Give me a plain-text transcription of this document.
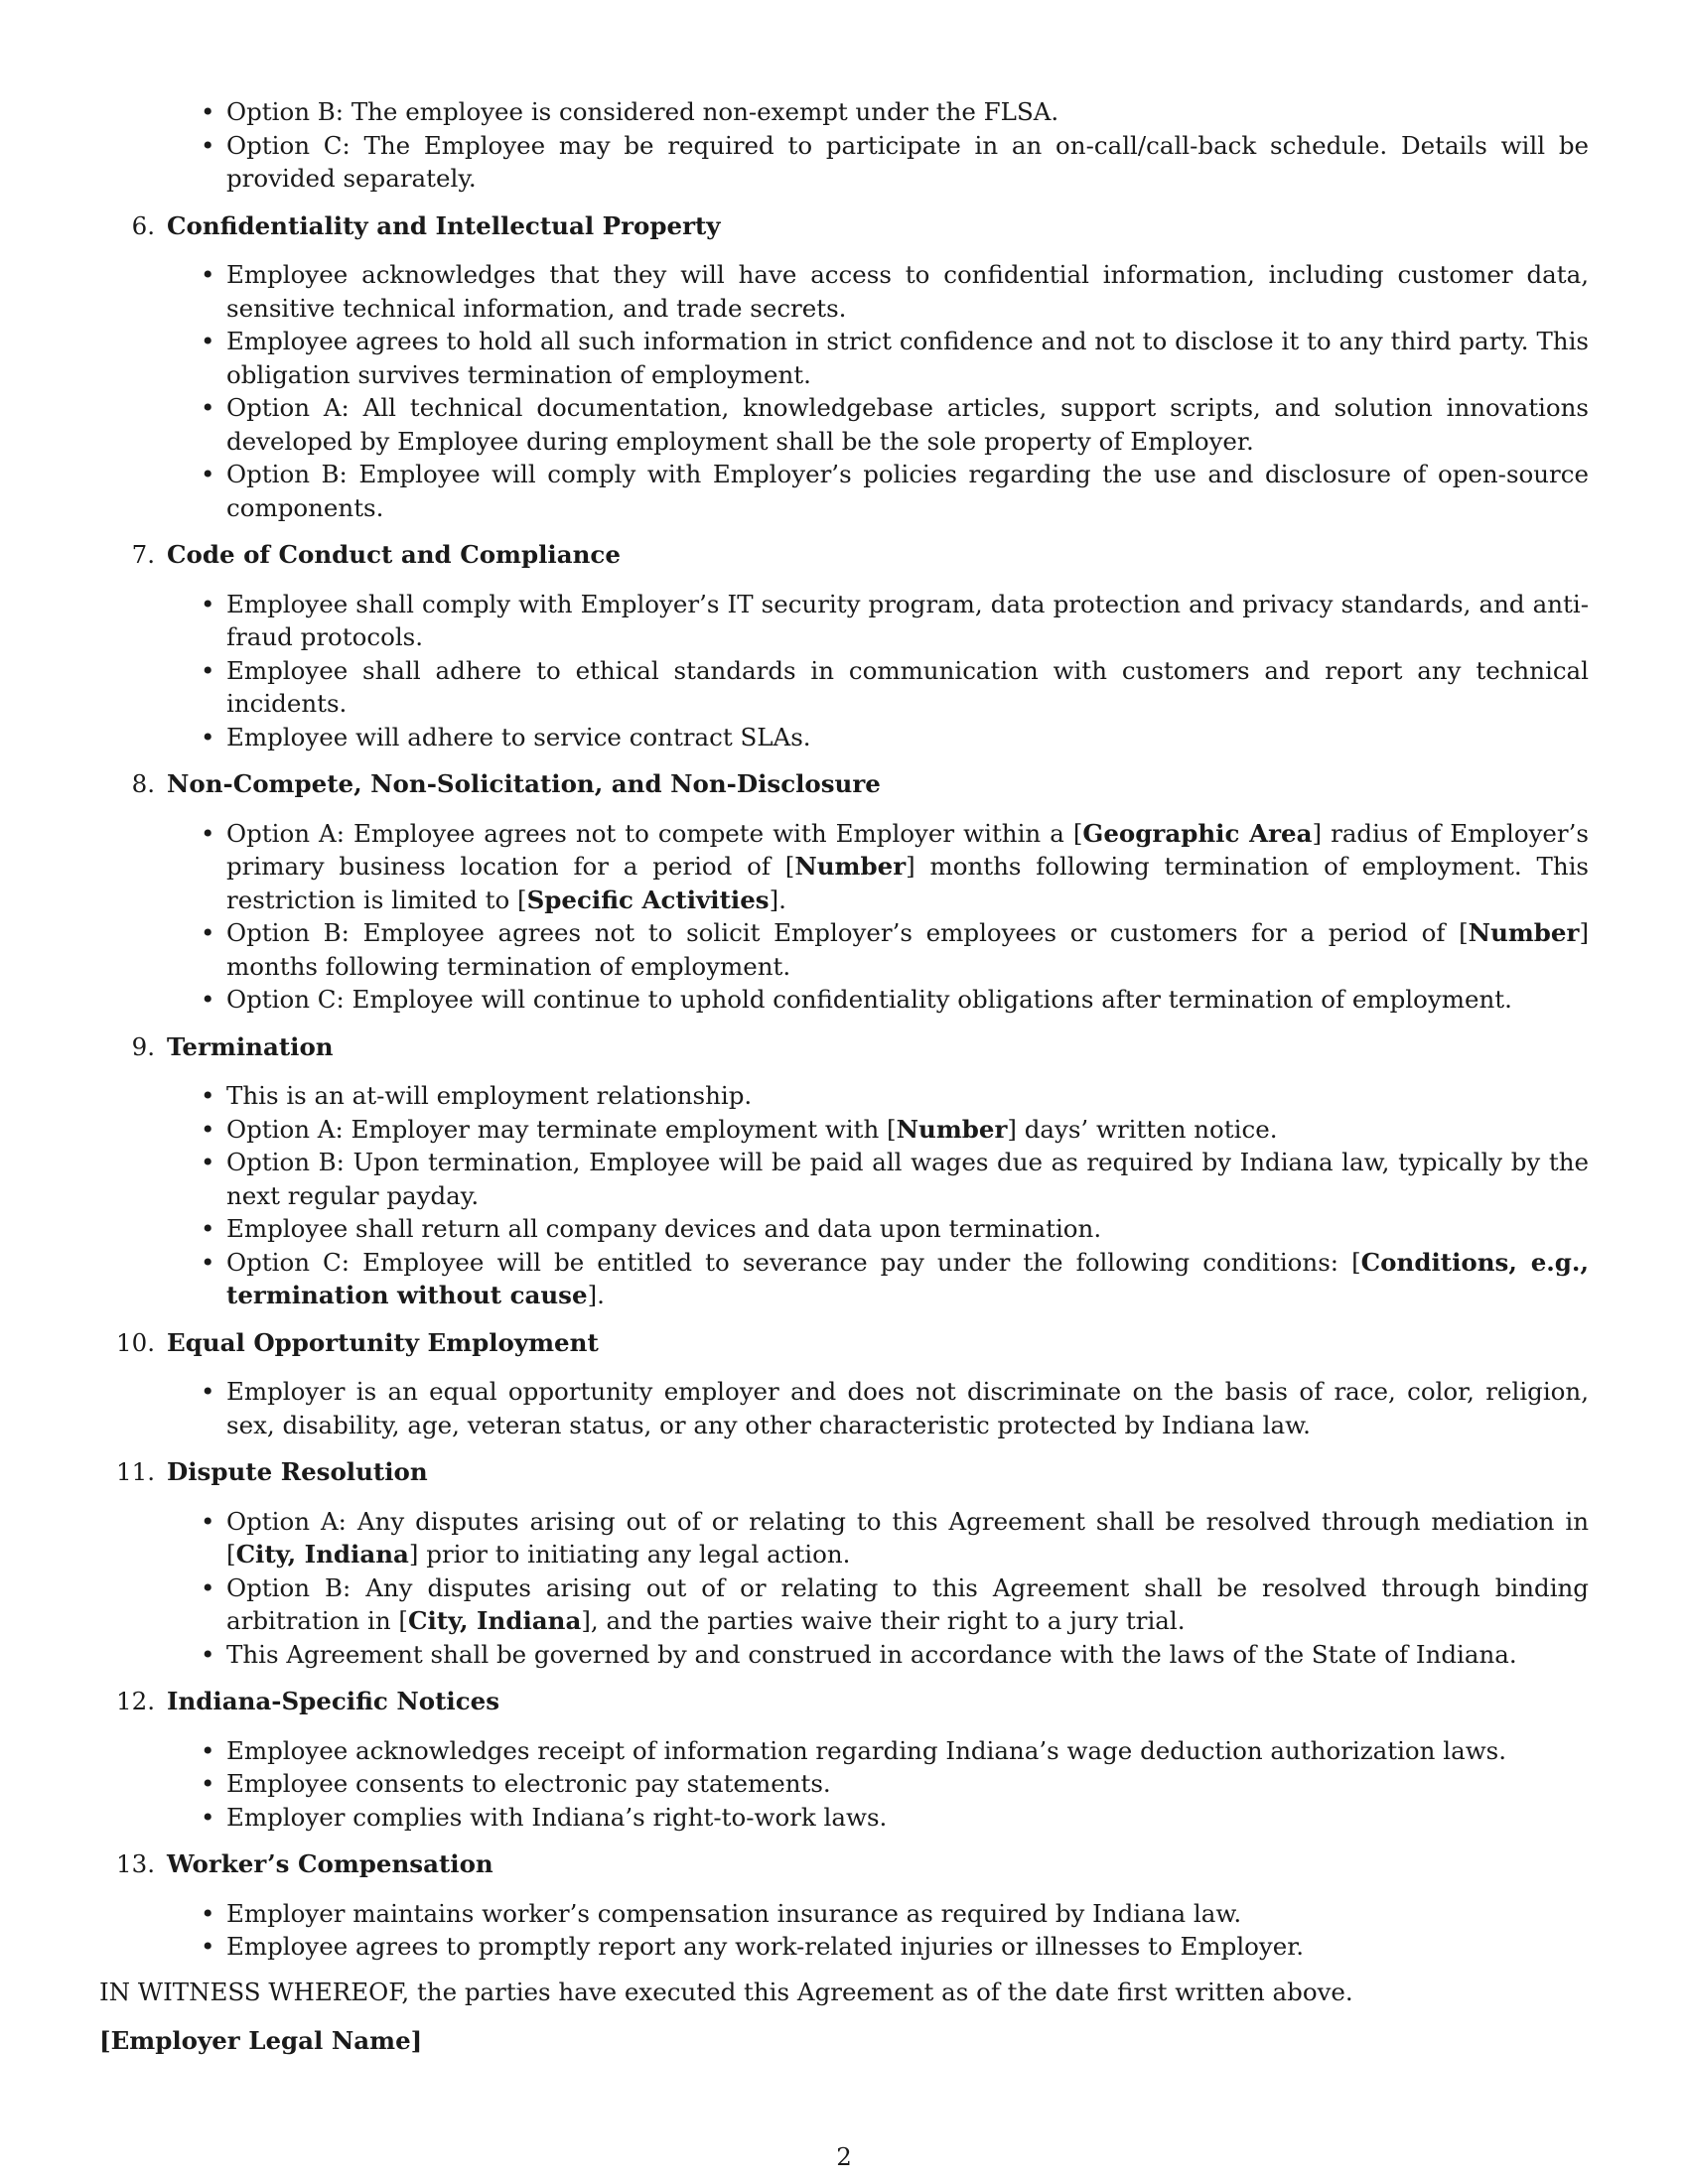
• Option B: The employee is considered non-exempt under the FLSA.
• Option C: The Employee may be required to participate in an on-call/call-back schedule. Details will be provided separately.
6. Confidentiality and Intellectual Property
• Employee acknowledges that they will have access to confidential information, including customer data, sensitive technical information, and trade secrets.
• Employee agrees to hold all such information in strict confidence and not to disclose it to any third party. This obligation survives termination of employment.
• Option A: All technical documentation, knowledgebase articles, support scripts, and solution innovations developed by Employee during employment shall be the sole property of Employer.
• Option B: Employee will comply with Employer’s policies regarding the use and disclosure of open-source components.
7. Code of Conduct and Compliance
• Employee shall comply with Employer’s IT security program, data protection and privacy standards, and anti-fraud protocols.
• Employee shall adhere to ethical standards in communication with customers and report any technical incidents.
• Employee will adhere to service contract SLAs.
8. Non-Compete, Non-Solicitation, and Non-Disclosure
• Option A: Employee agrees not to compete with Employer within a [Geographic Area] radius of Employer’s primary business location for a period of [Number] months following termination of employment. This restriction is limited to [Specific Activities].
• Option B: Employee agrees not to solicit Employer’s employees or customers for a period of [Number] months following termination of employment.
• Option C: Employee will continue to uphold confidentiality obligations after termination of employment.
9. Termination
• This is an at-will employment relationship.
• Option A: Employer may terminate employment with [Number] days’ written notice.
• Option B: Upon termination, Employee will be paid all wages due as required by Indiana law, typically by the next regular payday.
• Employee shall return all company devices and data upon termination.
• Option C: Employee will be entitled to severance pay under the following conditions: [Conditions, e.g., termination without cause].
10. Equal Opportunity Employment
• Employer is an equal opportunity employer and does not discriminate on the basis of race, color, religion, sex, disability, age, veteran status, or any other characteristic protected by Indiana law.
11. Dispute Resolution
• Option A: Any disputes arising out of or relating to this Agreement shall be resolved through mediation in [City, Indiana] prior to initiating any legal action.
• Option B: Any disputes arising out of or relating to this Agreement shall be resolved through binding arbitration in [City, Indiana], and the parties waive their right to a jury trial.
• This Agreement shall be governed by and construed in accordance with the laws of the State of Indiana.
12. Indiana-Specific Notices
• Employee acknowledges receipt of information regarding Indiana’s wage deduction authorization laws.
• Employee consents to electronic pay statements.
• Employer complies with Indiana’s right-to-work laws.
13. Worker’s Compensation
• Employer maintains worker’s compensation insurance as required by Indiana law.
• Employee agrees to promptly report any work-related injuries or illnesses to Employer.
IN WITNESS WHEREOF, the parties have executed this Agreement as of the date first written above.
[Employer Legal Name]
2
